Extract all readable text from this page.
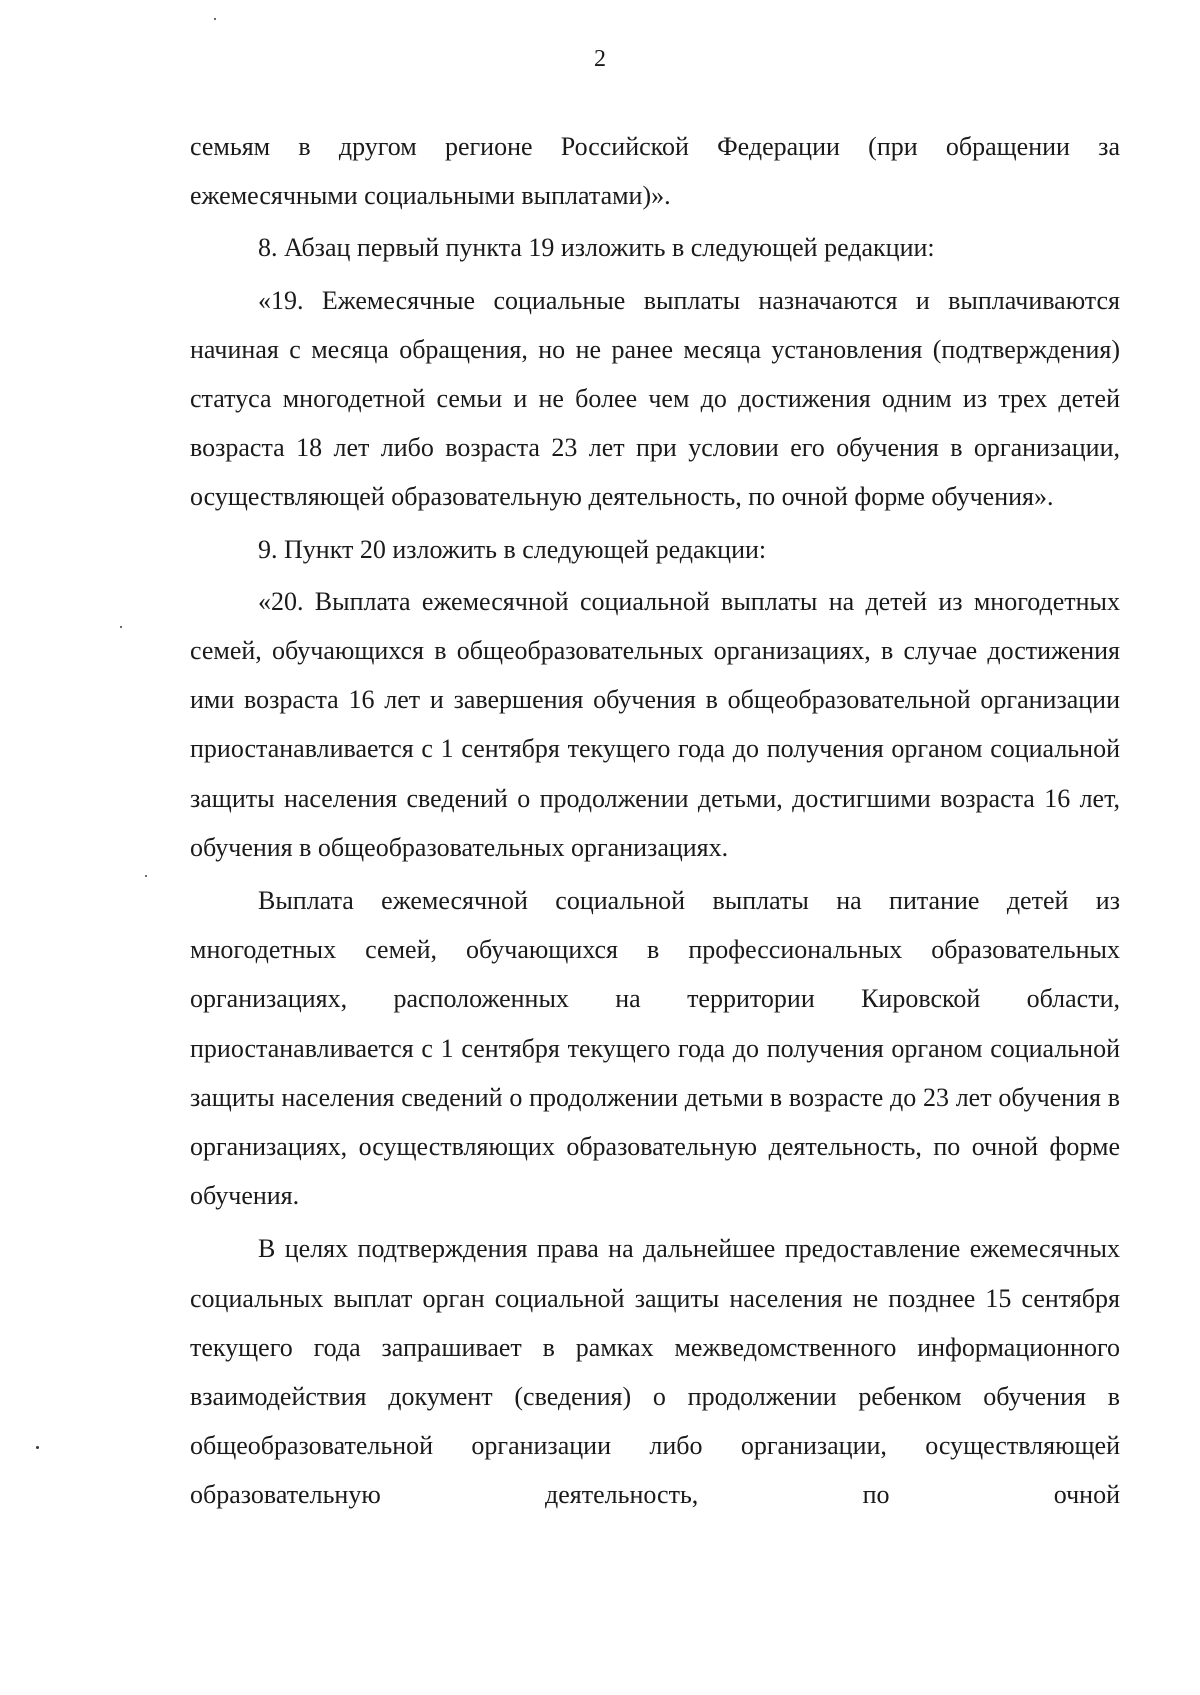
2

семьям в другом регионе Российской Федерации (при обращении за ежемесячными социальными выплатами)».

8. Абзац первый пункта 19 изложить в следующей редакции:

«19. Ежемесячные социальные выплаты назначаются и выплачиваются начиная с месяца обращения, но не ранее месяца установления (подтверждения) статуса многодетной семьи и не более чем до достижения одним из трех детей возраста 18 лет либо возраста 23 лет при условии его обучения в организации, осуществляющей образовательную деятельность, по очной форме обучения».

9. Пункт 20 изложить в следующей редакции:

«20. Выплата ежемесячной социальной выплаты на детей из многодетных семей, обучающихся в общеобразовательных организациях, в случае достижения ими возраста 16 лет и завершения обучения в общеобразовательной организации приостанавливается с 1 сентября текущего года до получения органом социальной защиты населения сведений о продолжении детьми, достигшими возраста 16 лет, обучения в общеобразовательных организациях.

Выплата ежемесячной социальной выплаты на питание детей из многодетных семей, обучающихся в профессиональных образовательных организациях, расположенных на территории Кировской области, приостанавливается с 1 сентября текущего года до получения органом социальной защиты населения сведений о продолжении детьми в возрасте до 23 лет обучения в организациях, осуществляющих образовательную деятельность, по очной форме обучения.

В целях подтверждения права на дальнейшее предоставление ежемесячных социальных выплат орган социальной защиты населения не позднее 15 сентября текущего года запрашивает в рамках межведомственного информационного взаимодействия документ (сведения) о продолжении ребенком обучения в общеобразовательной организации либо организации, осуществляющей образовательную деятельность, по очной
